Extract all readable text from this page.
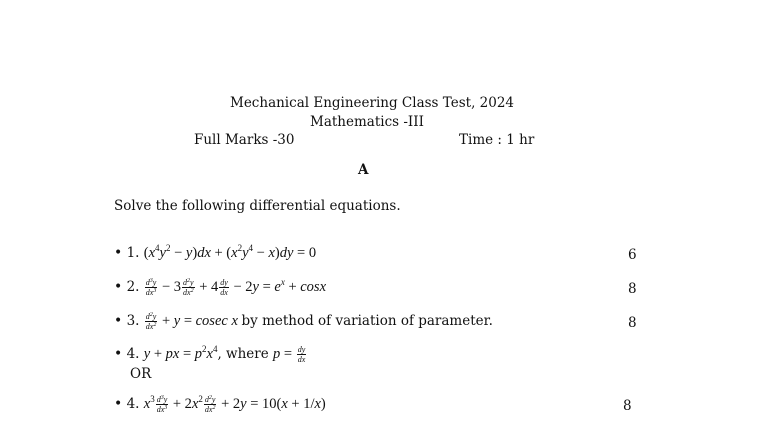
Mechanical Engineering Class Test, 2024
Mathematics -III
Full Marks -30	Time : 1 hr
A
Solve the following differential equations.
• 1. $(x^4y^2 - y)dx + (x^2y^4 - x)dy = 0$	6
• 2. $\frac{d^3y}{dx^3} - 3 \frac{d^2y}{dx^2} + 4 \frac{dy}{dx} - 2y = e^x + \cos x$	8
• 3. $\frac{d^2y}{dx^2} + y = cosec$ x by method of variation of parameter.	8
• 4. y + px = $p^2x^4$, where $p = \frac{dy}{dx}$
OR
• 4. $x^3 \frac{d^3y}{dx^3} + 2x^2 \frac{d^2y}{dx^2} + 2y = 10(x + 1/x)$	8
